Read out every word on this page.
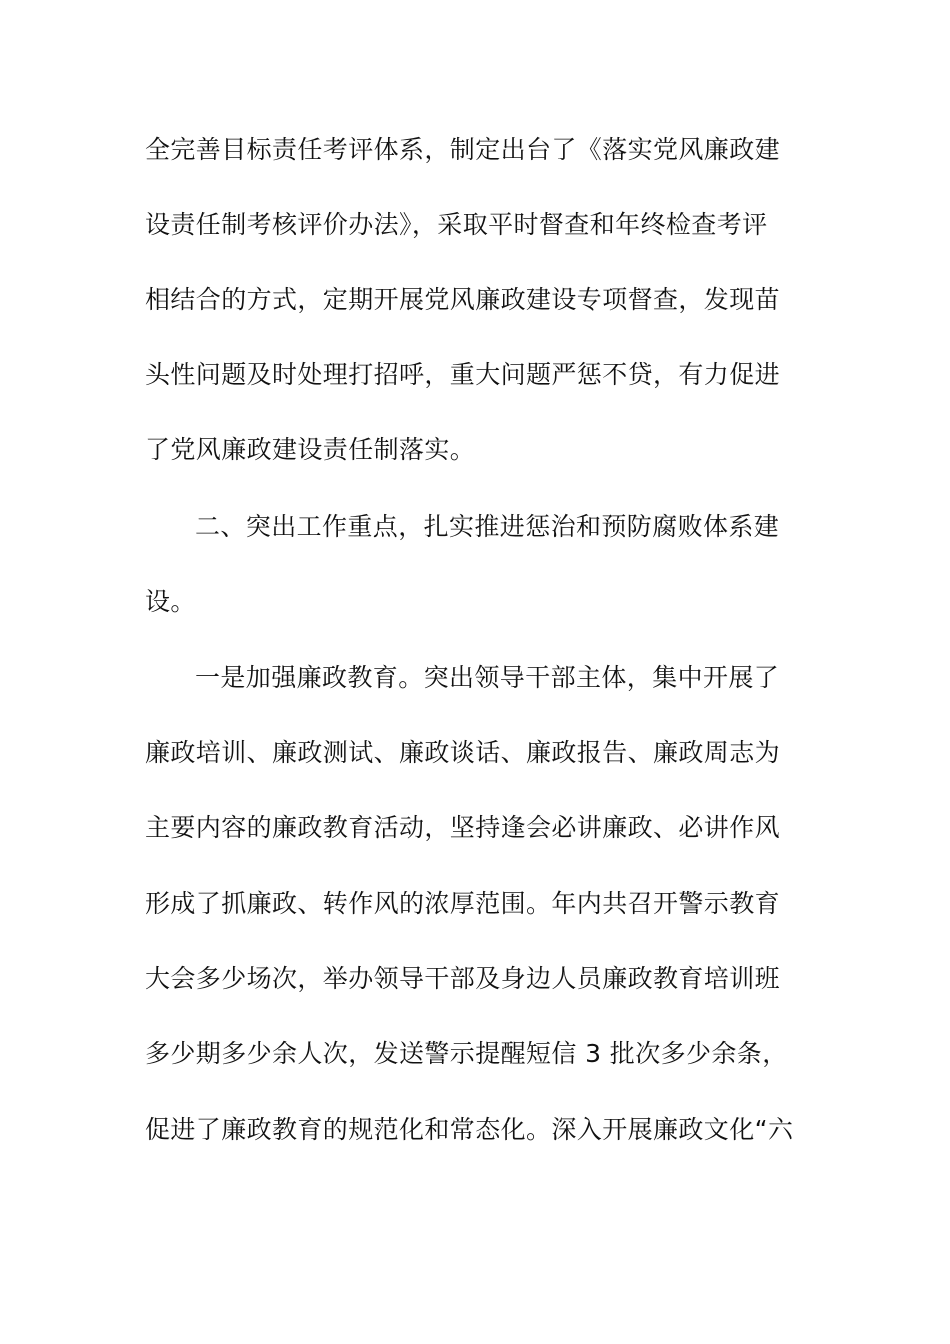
全完善目标责任考评体系，制定出台了《落实党风廉政建
设责任制考核评价办法》，采取平时督查和年终检查考评
相结合的方式，定期开展党风廉政建设专项督查，发现苗
头性问题及时处理打招呼，重大问题严惩不贷，有力促进
了党风廉政建设责任制落实。
二、突出工作重点，扎实推进惩治和预防腐败体系建
设。
一是加强廉政教育。突出领导干部主体，集中开展了
廉政培训、廉政测试、廉政谈话、廉政报告、廉政周志为
主要内容的廉政教育活动，坚持逢会必讲廉政、必讲作风
形成了抓廉政、转作风的浓厚范围。年内共召开警示教育
大会多少场次，举办领导干部及身边人员廉政教育培训班
多少期多少余人次，发送警示提醒短信 3 批次多少余条，
促进了廉政教育的规范化和常态化。深入开展廉政文化“六
